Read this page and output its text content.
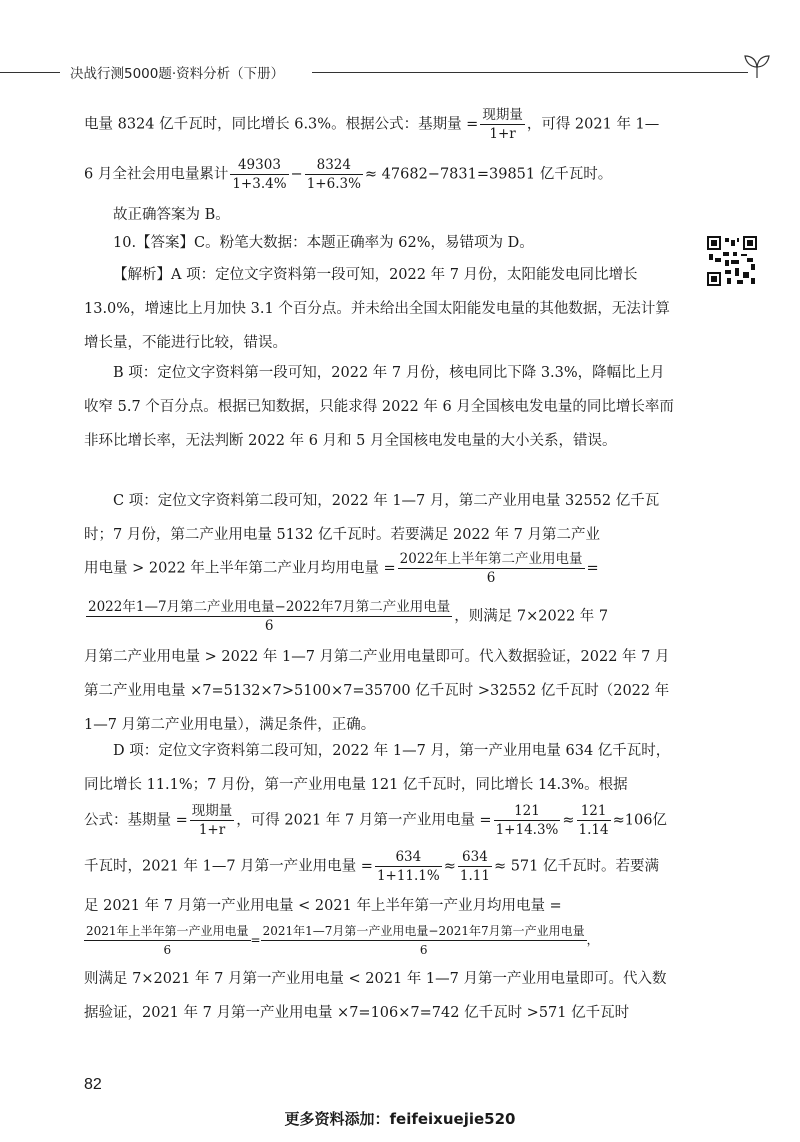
决战行测5000题·资料分析（下册）
电量 8324 亿千瓦时，同比增长 6.3%。根据公式：基期量 = $\frac{\text{现期量}}{1+r}$ ，可得 2021 年 1—
6 月全社会用电量累计 $\frac{49303}{1+3.4\%} - \frac{8324}{1+6.3\%} \approx 47682-7831=39851$ 亿千瓦时。

故正确答案为 B。

10.【答案】C。粉笔大数据：本题正确率为 62%，易错项为 D。

【解析】A 项：定位文字资料第一段可知，2022 年 7 月份，太阳能发电同比增长 13.0%，增速比上月加快 3.1 个百分点。并未给出全国太阳能发电量的其他数据，无法计算增长量，不能进行比较，错误。

B 项：定位文字资料第一段可知，2022 年 7 月份，核电同比下降 3.3%，降幅比上月收窄 5.7 个百分点。根据已知数据，只能求得 2022 年 6 月全国核电发电量的同比增长率而非环比增长率，无法判断 2022 年 6 月和 5 月全国核电发电量的大小关系，错误。

C 项：定位文字资料第二段可知，2022 年 1—7 月，第二产业用电量 32552 亿千瓦时；7 月份，第二产业用电量 5132 亿千瓦时。若要满足 2022 年 7 月第二产业

用电量 > 2022 年上半年第二产业月均用电量 = $\frac{\text{2022年上半年第二产业用电量}}{6}$ =
$\frac{\text{2022年1—7月第二产业用电量−2022年7月第二产业用电量}}{6}$ ，则满足 7×2022 年 7

月第二产业用电量 > 2022 年 1—7 月第二产业用电量即可。代入数据验证，2022 年 7 月第二产业用电量 ×7=5132×7>5100×7=35700 亿千瓦时 >32552 亿千瓦时（2022 年 1—7 月第二产业用电量），满足条件，正确。

D 项：定位文字资料第二段可知，2022 年 1—7 月，第一产业用电量 634 亿千瓦时，同比增长 11.1%；7 月份，第一产业用电量 121 亿千瓦时，同比增长 14.3%。根据

公式：基期量 = $\frac{\text{现期量}}{1+r}$ ，可得 2021 年 7 月第一产业用电量 = $\frac{121}{1+14.3\%} \approx \frac{121}{1.14} \approx 106$亿
千瓦时，2021 年 1—7 月第一产业用电量 = $\frac{634}{1+11.1\%} \approx \frac{634}{1.11} \approx 571$ 亿千瓦时。若要满
足 2021 年 7 月第一产业用电量 < 2021 年上半年第一产业月均用电量 =
$\frac{\text{2021年上半年第一产业用电量}}{6} = \frac{\text{2021年1—7月第一产业用电量−2021年7月第一产业用电量}}{6}$ ，

则满足 7×2021 年 7 月第一产业用电量 < 2021 年 1—7 月第一产业用电量即可。代入数据验证，2021 年 7 月第一产业用电量 ×7=106×7=742 亿千瓦时 >571 亿千瓦时

82
更多资料添加：feifeixuejie520
